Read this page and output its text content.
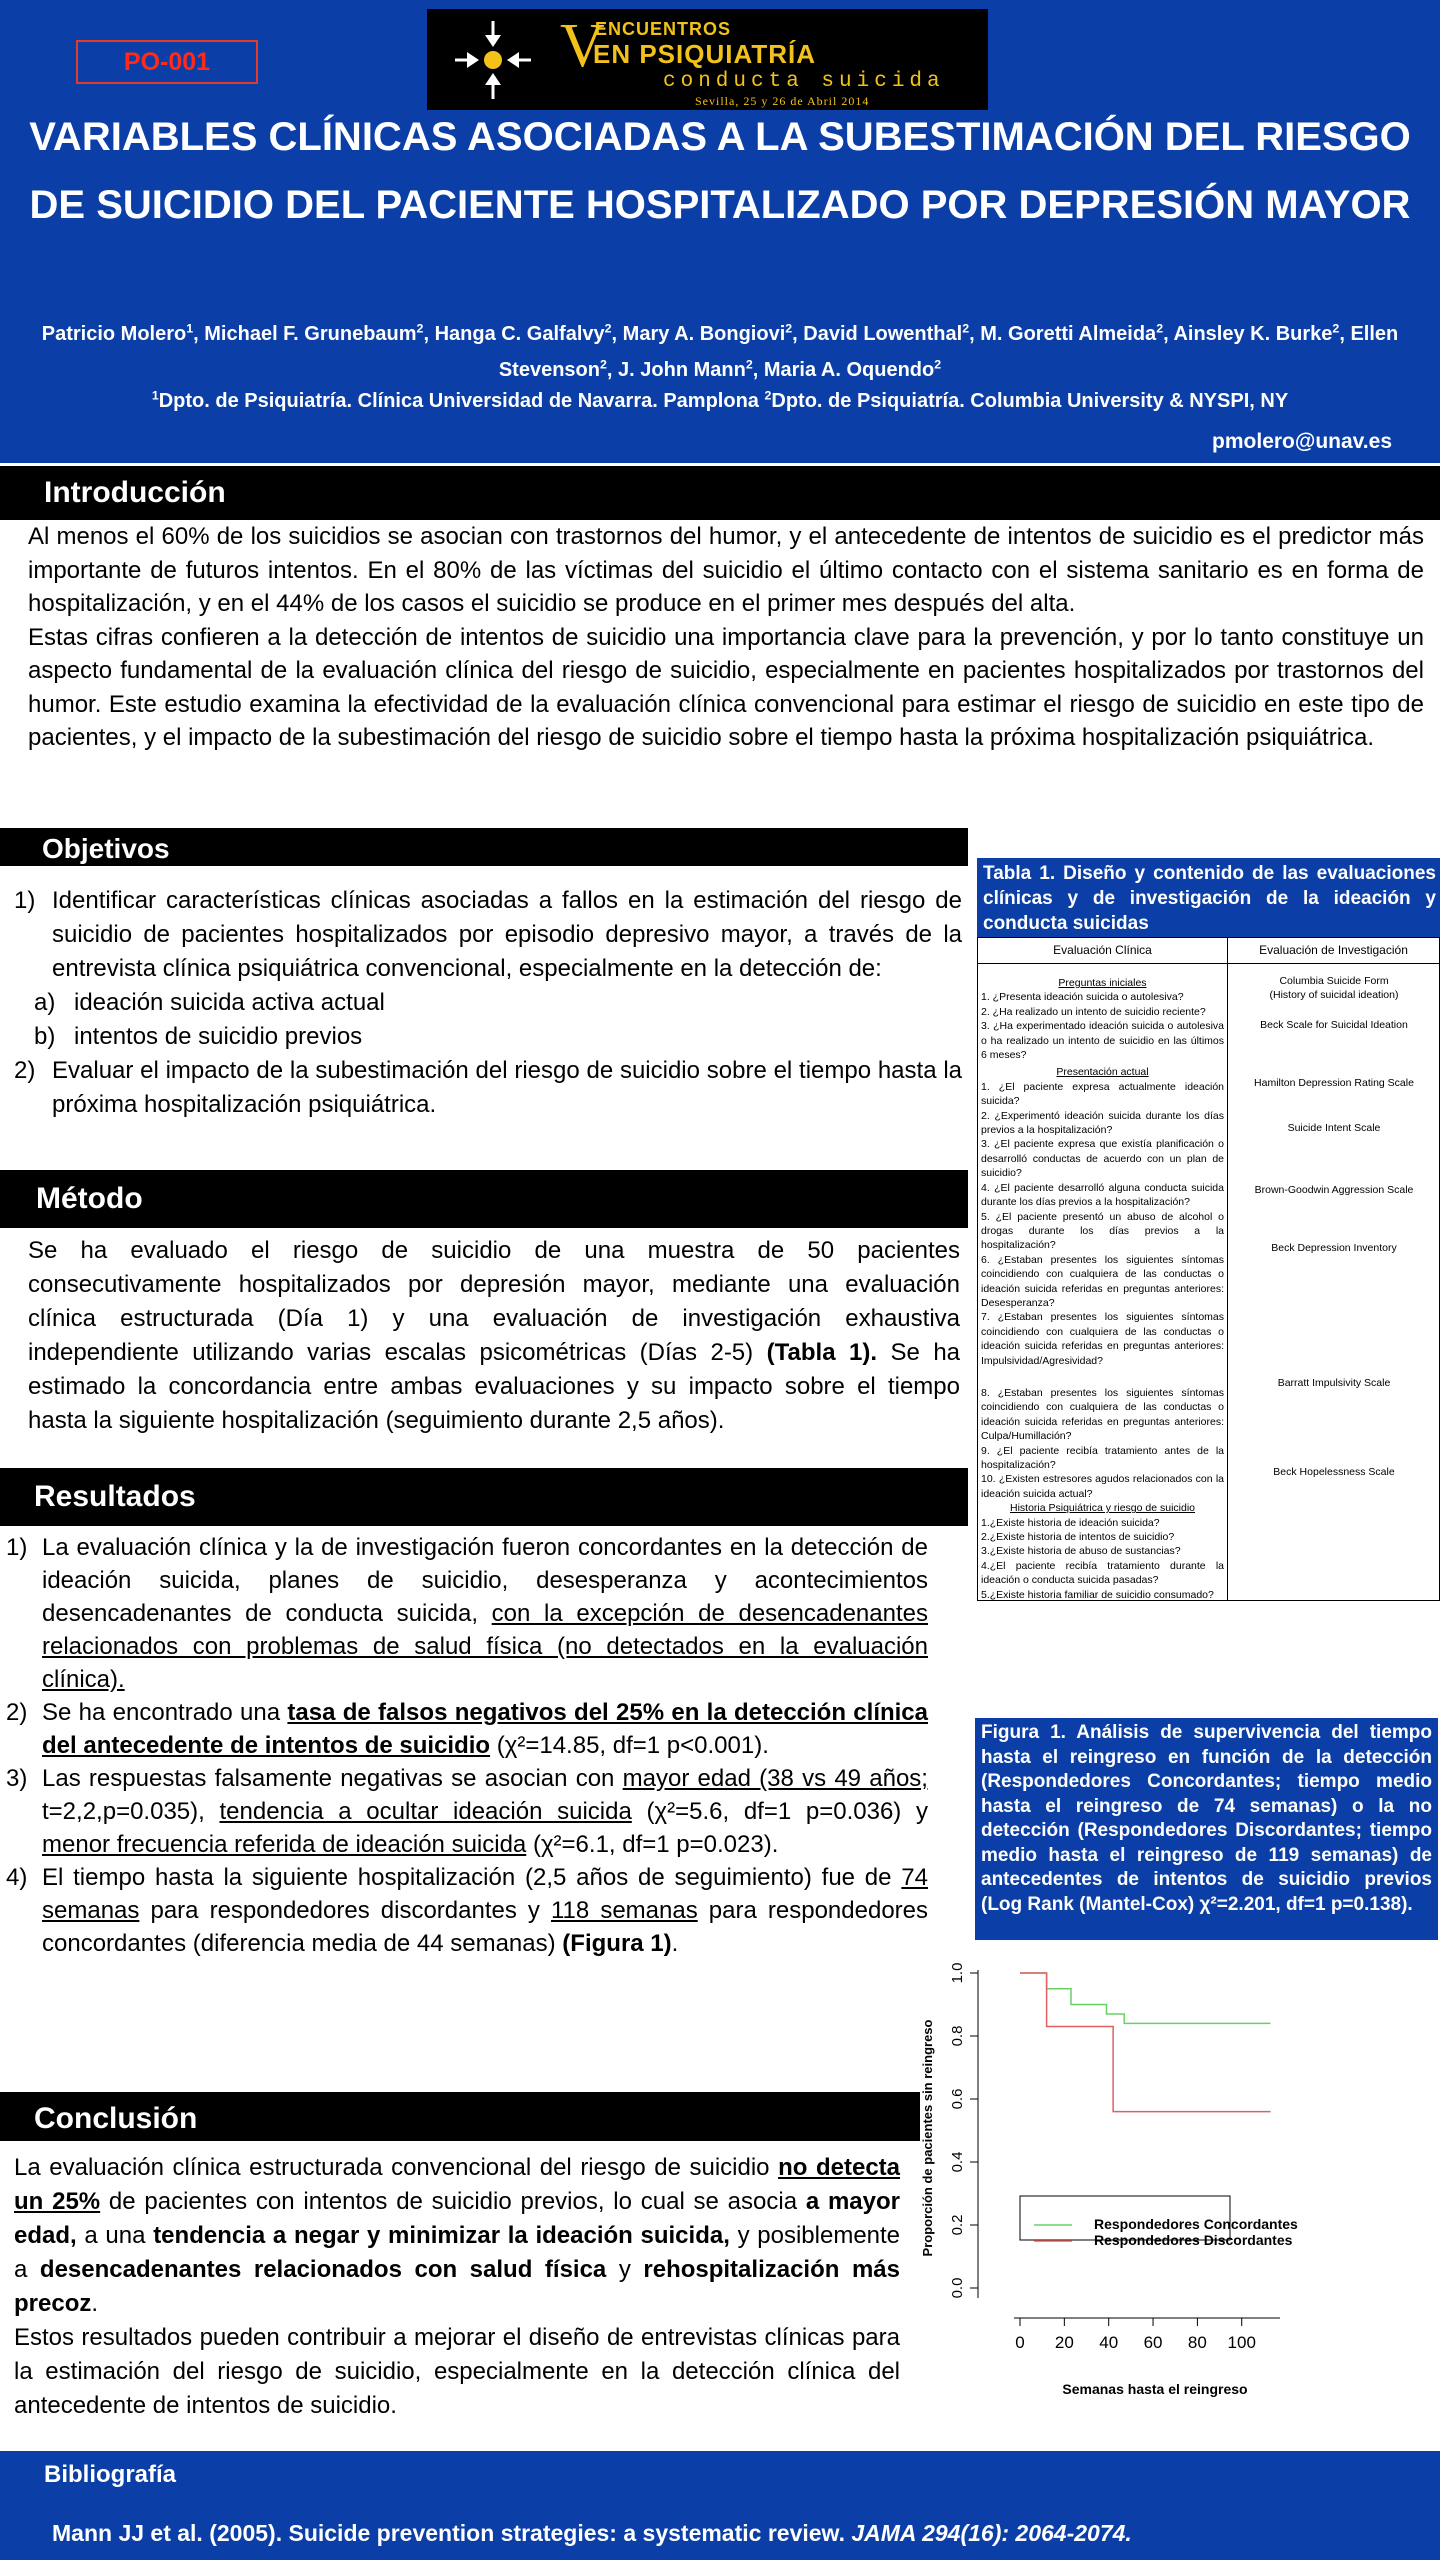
PO-001	V
ENCUENTROS
EN PSIQUIATRÍA
conducta suicida
Sevilla, 25 y 26 de Abril 2014
VARIABLES CLÍNICAS ASOCIADAS A LA SUBESTIMACIÓN DEL RIESGO DE SUICIDIO DEL PACIENTE HOSPITALIZADO POR DEPRESIÓN MAYOR
Patricio Molero$^1$, Michael F. Grunebaum$^2$, Hanga C. Galfalvy$^2$, Mary A. Bongiovi$^2$, David Lowenthal$^2$, M. Goretti Almeida$^2$, Ainsley K. Burke$^2$, Ellen Stevenson$^2$, J. John Mann$^2$, Maria A. Oquendo$^2$
$^1$Dpto. de Psiquiatría. Clínica Universidad de Navarra. Pamplona $^2$Dpto. de Psiquiatría. Columbia University & NYSPI, NY
pmolero@unav.es
Introducción

Al menos el 60% de los suicidios se asocian con trastornos del humor, y el antecedente de intentos de suicidio es el predictor más importante de futuros intentos. En el 80% de las víctimas del suicidio el último contacto con el sistema sanitario es en forma de hospitalización, y en el 44% de los casos el suicidio se produce en el primer mes después del alta.

Estas cifras confieren a la detección de intentos de suicidio una importancia clave para la prevención, y por lo tanto constituye un aspecto fundamental de la evaluación clínica del riesgo de suicidio, especialmente en pacientes hospitalizados por trastornos del humor. Este estudio examina la efectividad de la evaluación clínica convencional para estimar el riesgo de suicidio en este tipo de pacientes, y el impacto de la subestimación del riesgo de suicidio sobre el tiempo hasta la próxima hospitalización psiquiátrica.

Objetivos
1) Identificar características clínicas asociadas a fallos en la estimación del riesgo de suicidio de pacientes hospitalizados por episodio depresivo mayor, a través de la entrevista clínica psiquiátrica convencional, especialmente en la detección de:
a) ideación suicida activa actual
b) intentos de suicidio previos
2) Evaluar el impacto de la subestimación del riesgo de suicidio sobre el tiempo hasta la próxima hospitalización psiquiátrica.
Método
Se ha evaluado el riesgo de suicidio de una muestra de 50 pacientes consecutivamente hospitalizados por depresión mayor, mediante una evaluación clínica estructurada (Día 1) y una evaluación de investigación exhaustiva independiente utilizando varias escalas psicométricas (Días 2-5) (Tabla 1). Se ha estimado la concordancia entre ambas evaluaciones y su impacto sobre el tiempo hasta la siguiente hospitalización (seguimiento durante 2,5 años).
Resultados
1) La evaluación clínica y la de investigación fueron concordantes en la detección de ideación suicida, planes de suicidio, desesperanza y acontecimientos desencadenantes de conducta suicida, con la excepción de desencadenantes relacionados con problemas de salud física (no detectados en la evaluación clínica).
2) Se ha encontrado una tasa de falsos negativos del 25% en la detección clínica del antecedente de intentos de suicidio (χ²=14.85, df=1 p<0.001).
3) Las respuestas falsamente negativas se asocian con mayor edad (38 vs 49 años; t=2,2,p=0.035), tendencia a ocultar ideación suicida (χ²=5.6, df=1 p=0.036) y menor frecuencia referida de ideación suicida (χ²=6.1, df=1 p=0.023).
4) El tiempo hasta la siguiente hospitalización (2,5 años de seguimiento) fue de 74 semanas para respondedores discordantes y 118 semanas para respondedores concordantes (diferencia media de 44 semanas) (Figura 1).
Conclusión

La evaluación clínica estructurada convencional del riesgo de suicidio no detecta un 25% de pacientes con intentos de suicidio previos, lo cual se asocia a mayor edad, a una tendencia a negar y minimizar la ideación suicida, y posiblemente a desencadenantes relacionados con salud física y rehospitalización más precoz.

Estos resultados pueden contribuir a mejorar el diseño de entrevistas clínicas para la estimación del riesgo de suicidio, especialmente en la detección clínica del antecedente de intentos de suicidio.

Tabla 1. Diseño y contenido de las evaluaciones clínicas y de investigación de la ideación y conducta suicidas
Evaluación Clínica	Evaluación de Investigación
Preguntas iniciales
1. ¿Presenta ideación suicida o autolesiva?
2. ¿Ha realizado un intento de suicidio reciente?
3. ¿Ha experimentado ideación suicida o autolesiva o ha realizado un intento de suicidio en las últimos 6 meses?
Presentación actual
1. ¿El paciente expresa actualmente ideación suicida?
2. ¿Experimentó ideación suicida durante los días previos a la hospitalización?
3. ¿El paciente expresa que existía planificación o desarrolló conductas de acuerdo con un plan de suicidio?
4. ¿El paciente desarrolló alguna conducta suicida durante los días previos a la hospitalización?
5. ¿El paciente presentó un abuso de alcohol o drogas durante los días previos a la hospitalización?
6. ¿Estaban presentes los siguientes síntomas coincidiendo con cualquiera de las conductas o ideación suicida referidas en preguntas anteriores: Desesperanza?
7. ¿Estaban presentes los siguientes síntomas coincidiendo con cualquiera de las conductas o ideación suicida referidas en preguntas anteriores: Impulsividad/Agresividad?
8. ¿Estaban presentes los siguientes síntomas coincidiendo con cualquiera de las conductas o ideación suicida referidas en preguntas anteriores: Culpa/Humillación?
9. ¿El paciente recibía tratamiento antes de la hospitalización?
10. ¿Existen estresores agudos relacionados con la ideación suicida actual?
Historia Psiquiátrica y riesgo de suicidio
1.¿Existe historia de ideación suicida?
2.¿Existe historia de intentos de suicidio?
3.¿Existe historia de abuso de sustancias?
4.¿El paciente recibía tratamiento durante la ideación o conducta suicida pasadas?
5.¿Existe historia familiar de suicidio consumado?
Columbia Suicide Form
(History of suicidal ideation)
Beck Scale for Suicidal Ideation
Hamilton Depression Rating Scale
Suicide Intent Scale
Brown-Goodwin Aggression Scale
Beck Depression Inventory
Barratt Impulsivity Scale
Beck Hopelessness Scale
Figura 1. Análisis de supervivencia del tiempo hasta el reingreso en función de la detección (Respondedores Concordantes; tiempo medio hasta el reingreso de 74 semanas) o la no detección (Respondedores Discordantes; tiempo medio hasta el reingreso de 119 semanas) de antecedentes de intentos de suicidio previos (Log Rank (Mantel-Cox) χ²=2.201, df=1 p=0.138).
Proporción de pacientes sin reingreso
Semanas hasta el reingreso
0 20 40 60 80 100
0.0
0.2
0.4
0.6
0.8
1.0
Respondedores Concordantes
Respondedores Discordantes
Bibliografía
Mann JJ et al. (2005). Suicide prevention strategies: a systematic review. JAMA 294(16): 2064-2074.
